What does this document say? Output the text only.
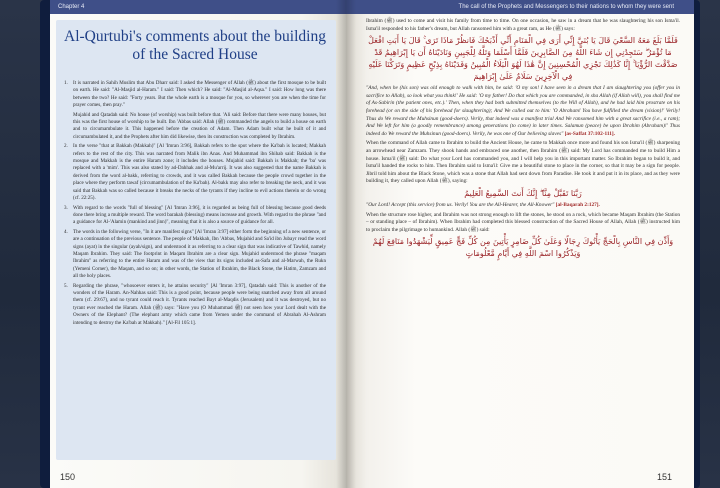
Chapter 4
Al-Qurtubi's comments about the building of the Sacred House

1. It is narrated in Sahih Muslim that Abu Dharr said: I asked the Messenger of Allah (ﷺ) about the first mosque to be built on earth. He said: "Al-Masjid al-Haram." I said: Then which? He said: "Al-Masjid al-Aqsa." I said: How long was there between the two? He said: "Forty years. But the whole earth is a mosque for you, so wherever you are when the time for prayer comes, then pray."

Mujahid and Qatadah said: No house (of worship) was built before that. 'Ali said: Before that there were many houses, but this was the first house of worship to be built. Ibn 'Abbas said: Allah (ﷺ) commanded the angels to build a house on earth and to circumambulate it. This happened before the creation of Adam. Then Adam built what he built of it and circumambulated it, and the Prophets after him did likewise, then its construction was completed by Ibrahim.

2. In the verse "that at Bakkah (Makkah)" [Al 'Imran 3:96], Bakkah refers to the spot where the Ka'bah is located; Makkah refers to the rest of the city. This was narrated from Malik ibn Anas. And Muhammad ibn Shihab said: Bakkah is the mosque and Makkah is the entire Haram zone; it includes the houses. Mujahid said: Bakkah is Makkah; the 'ba' was replaced with a 'mim'. This was also stated by ad-Dahhak and al-Mu'arrij. It was also suggested that the name Bakkah is derived from the word al-bakk, referring to crowds, and it was called Bakkah because the people crowd together in the place where they perform tawaf (circumambulation of the Ka'bah). Al-bakk may also refer to breaking the neck, and it was said that Bakkah was so called because it breaks the necks of the tyrants if they incline to evil actions therein or do wrong (cf. 22:25).

3. With regard to the words "full of blessing" [Al 'Imran 3:96], it is regarded as being full of blessing because good deeds done there bring a multiple reward. The word barakah (blessing) means increase and growth. With regard to the phrase "and a guidance for Al-'Alamin (mankind and jinn)", meaning that it is also a source of guidance for all.

4. The words in the following verse, "In it are manifest signs" [Al 'Imran 3:97] either form the beginning of a new sentence, or are a continuation of the previous sentence. The people of Makkah, Ibn 'Abbas, Mujahid and Sa'id ibn Jubayr read the word signs (ayat) in the singular (ayah/sign), and understood it as referring to a clear sign that was indicative of Tawhid, namely Maqam Ibrahim. They said: The footprint in Maqam Ibrahim are a clear sign. Mujahid understood the phrase "maqam Ibrahim" as referring to the entire Haram and was of the view that its signs included as-Safa and al-Marwah, the Rukn (Yemeni Corner), the Maqam, and so on; in other words, the Station of Ibrahim, the Black Stone, the Hatim, Zamzam and all the holy places.

5. Regarding the phrase, "whosoever enters it, he attains security" [Al 'Imran 3:97], Qatadah said: This is another of the wonders of the Haram. An-Nahhas said: This is a good point, because people were being snatched away from all around them (cf. 29:67), and no tyrant could reach it. Tyrants reached Bayt al-Maqdis (Jerusalem) and it was destroyed, but no tyrant ever reached the Haram. Allah (ﷺ) says: "Have you (O Muhammad ﷺ) not seen how your Lord dealt with the Owners of the Elephant? (The elephant army which came from Yemen under the command of Abrahah Al-Ashram intending to destroy the Ka'bah at Makkah)." [Al-Fil 105:1].

150
The call of the Prophets and Messengers to their nations to whom they were sent

Ibrahim (ﷺ) used to come and visit his family from time to time. On one occasion, he saw in a dream that he was slaughtering his son Isma'il. Isma'il responded to his father's dream, but Allah ransomed him with a great ram, as He (ﷺ) says:

فَلَمَّا بَلَغَ مَعَهُ السَّعْيَ قَالَ يَا بُنَيَّ إِنِّي أَرَى فِي الْمَنَامِ أَنِّي أَذْبَحُكَ فَانظُرْ مَاذَا تَرَى ۚ قَالَ يَا أَبَتِ افْعَلْ مَا تُؤْمَرُ ۖ سَتَجِدُنِي إِن شَاءَ اللَّهُ مِنَ الصَّابِرِينَ فَلَمَّا أَسْلَمَا وَتَلَّهُ لِلْجَبِينِ وَنَادَيْنَاهُ أَن يَا إِبْرَاهِيمُ قَدْ صَدَّقْتَ الرُّؤْيَا ۚ إِنَّا كَذَٰلِكَ نَجْزِي الْمُحْسِنِينَ إِنَّ هَٰذَا لَهُوَ الْبَلَاءُ الْمُبِينُ وَفَدَيْنَاهُ بِذِبْحٍ عَظِيمٍ وَتَرَكْنَا عَلَيْهِ فِي الْآخِرِينَ سَلَامٌ عَلَىٰ إِبْرَاهِيمَ

"And, when he (his son) was old enough to walk with him, he said: 'O my son! I have seen in a dream that I am slaughtering you (offer you in sacrifice to Allah), so look what you think!' He said: 'O my father! Do that which you are commanded, in sha Allah (if Allah will), you shall find me of As-Sabirin (the patient ones, etc.).' Then, when they had both submitted themselves (to the Will of Allah), and he had laid him prostrate on his forehead (or on the side of his forehead for slaughtering); And We called out to him: 'O Abraham! You have fulfilled the dream (vision)!' Verily! Thus do We reward the Muhsinun (good-doers). Verily, that indeed was a manifest trial And We ransomed him with a great sacrifice (i.e., a ram); And We left for him (a goodly remembrance) among generations (to come) in later times. Salamun (peace) be upon Ibrahim (Abraham)!' Thus indeed do We reward the Muhsinun (good-doers). Verily, he was one of Our believing slaves" [as-Saffat 37:102-111].

When the command of Allah came to Ibrahim to build the Ancient House, he came to Makkah once more and found his son Isma'il (ﷺ) sharpening an arrowhead near Zamzam. They shook hands and embraced one another, then Ibrahim (ﷺ) said: My Lord has commanded me to build Him a house. Isma'il (ﷺ) said: Do what your Lord has commanded you, and I will help you in this important matter. So Ibrahim began to build it, and Isma'il handed the rocks to him. Then Ibrahim said to Isma'il: Give me a beautiful stone to place in the corner, so that it may be a sign for people. Jibril told him about the Black Stone, which was a stone that Allah had sent down from Paradise. He took it and put it in its place, and as they were building it, they called upon Allah (ﷺ), saying:

رَبَّنَا تَقَبَّلْ مِنَّا ۖ إِنَّكَ أَنتَ السَّمِيعُ الْعَلِيمُ

"Our Lord! Accept (this service) from us. Verily! You are the All-Hearer, the All-Knower" [al-Baqarah 2:127].

When the structure rose higher, and Ibrahim was not strong enough to lift the stones, he stood on a rock, which became Maqam Ibrahim (the Station – or standing place – of Ibrahim). When Ibrahim had completed this blessed construction of the Sacred House of Allah, Allah (ﷺ) instructed him to proclaim the pilgrimage to humankind. Allah (ﷺ) said:

وَأَذِّن فِي النَّاسِ بِالْحَجِّ يَأْتُوكَ رِجَالًا وَعَلَىٰ كُلِّ ضَامِرٍ يَأْتِينَ مِن كُلِّ فَجٍّ عَمِيقٍ لِّيَشْهَدُوا مَنَافِعَ لَهُمْ وَيَذْكُرُوا اسْمَ اللَّهِ فِي أَيَّامٍ مَّعْلُومَاتٍ

151
